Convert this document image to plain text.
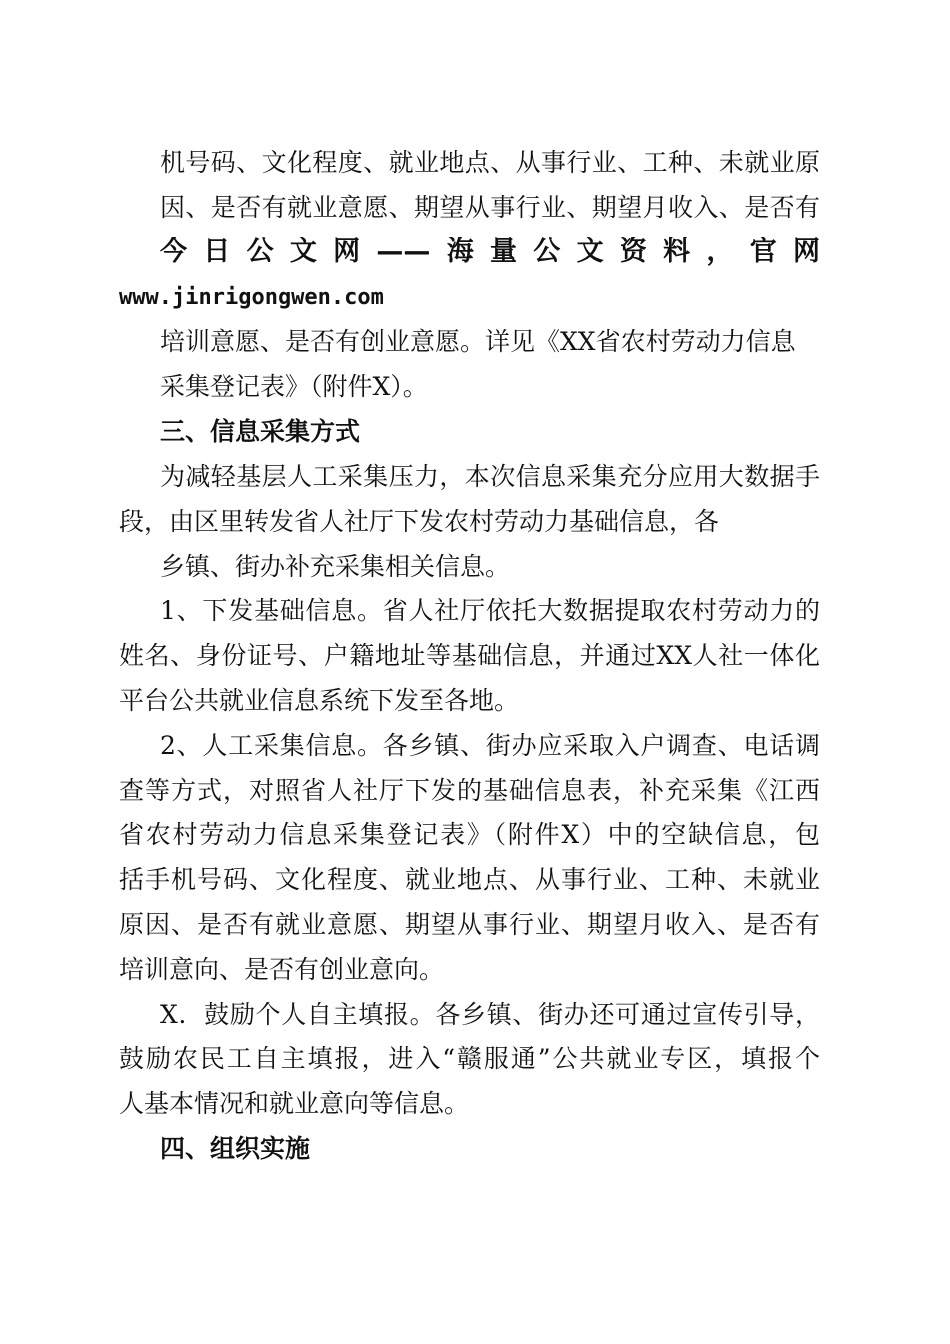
机号码、文化程度、就业地点、从事行业、工种、未就业原
因、是否有就业意愿、期望从事行业、期望月收入、是否有
今日公文网——海量公文资料，官网
www.jinrigongwen.com
培训意愿、是否有创业意愿。详见《XX省农村劳动力信息
采集登记表》（附件X）。
三、信息采集方式
为减轻基层人工采集压力，本次信息采集充分应用大数据手
段，由区里转发省人社厅下发农村劳动力基础信息，各
乡镇、街办补充采集相关信息。
1、下发基础信息。省人社厅依托大数据提取农村劳动力的
姓名、身份证号、户籍地址等基础信息，并通过XX人社一体化
平台公共就业信息系统下发至各地。
2、人工采集信息。各乡镇、街办应采取入户调查、电话调
查等方式，对照省人社厅下发的基础信息表，补充采集《江西
省农村劳动力信息采集登记表》（附件X）中的空缺信息，包
括手机号码、文化程度、就业地点、从事行业、工种、未就业
原因、是否有就业意愿、期望从事行业、期望月收入、是否有
培训意向、是否有创业意向。
X．鼓励个人自主填报。各乡镇、街办还可通过宣传引导，
鼓励农民工自主填报，进入“赣服通”公共就业专区，填报个
人基本情况和就业意向等信息。
四、组织实施
